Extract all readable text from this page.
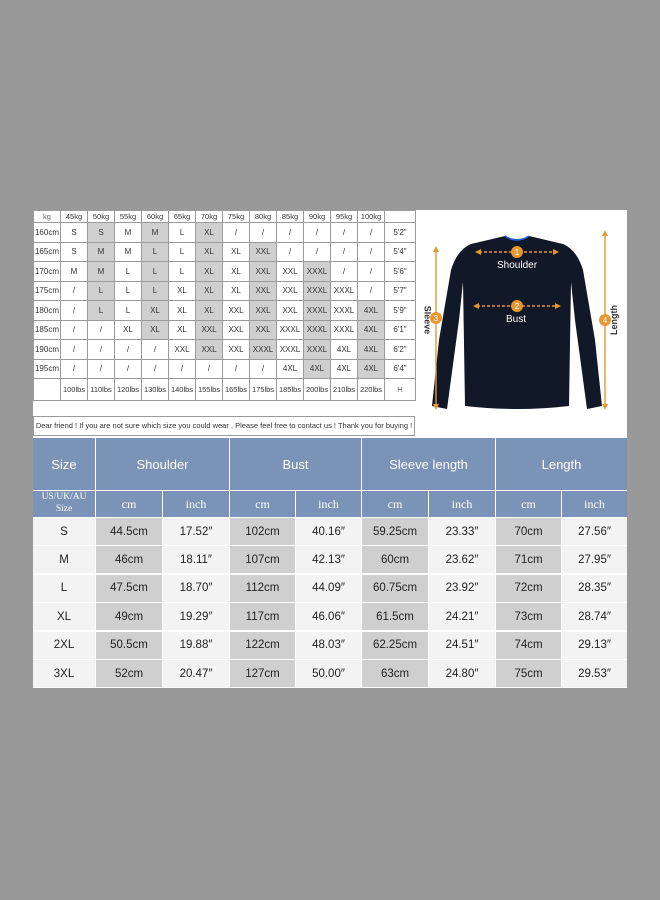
kg	45kg	50kg	55kg	60kg	65kg	70kg	75kg	80kg	85kg	90kg	95kg	100kg	
160cm	S	S	M	M	L	XL	/	/	/	/	/	/	5'2"
165cm	S	M	M	L	L	XL	XL	XXL	/	/	/	/	5'4"
170cm	M	M	L	L	L	XL	XL	XXL	XXL	XXXL	/	/	5'6"
175cm	/	L	L	L	XL	XL	XL	XXL	XXL	XXXL	XXXL	/	5'7"
180cm	/	L	L	XL	XL	XL	XXL	XXL	XXL	XXXL	XXXL	4XL	5'9"
185cm	/	/	XL	XL	XL	XXL	XXL	XXL	XXXL	XXXL	XXXL	4XL	6'1"
190cm	/	/	/	/	XXL	XXL	XXL	XXXL	XXXL	XXXL	4XL	4XL	6'2"
195cm	/	/	/	/	/	/	/	/	4XL	4XL	4XL	4XL	6'4"
	100lbs	110lbs	120lbs	130lbs	140lbs	155lbs	165lbs	175lbs	185lbs	200lbs	210lbs	220lbs	H
Dear friend ! If you are not sure which size you could wear , Please feel free to contact us ! Thank you for buying !
1
2
3	4
Shoulder
Bust
Sleeve	Length
Size	Shoulder	Bust	Sleeve length	Length
US/UK/AU Size	cm	inch	cm	inch	cm	inch	cm	inch
S	44.5cm	17.52″	102cm	40.16″	59.25cm	23.33″	70cm	27.56″
M	46cm	18.11″	107cm	42.13″	60cm	23.62″	71cm	27.95″
L	47.5cm	18.70″	112cm	44.09″	60.75cm	23.92″	72cm	28.35″
XL	49cm	19.29″	117cm	46.06″	61.5cm	24.21″	73cm	28.74″
2XL	50.5cm	19.88″	122cm	48.03″	62.25cm	24.51″	74cm	29.13″
3XL	52cm	20.47″	127cm	50.00″	63cm	24.80″	75cm	29.53″
